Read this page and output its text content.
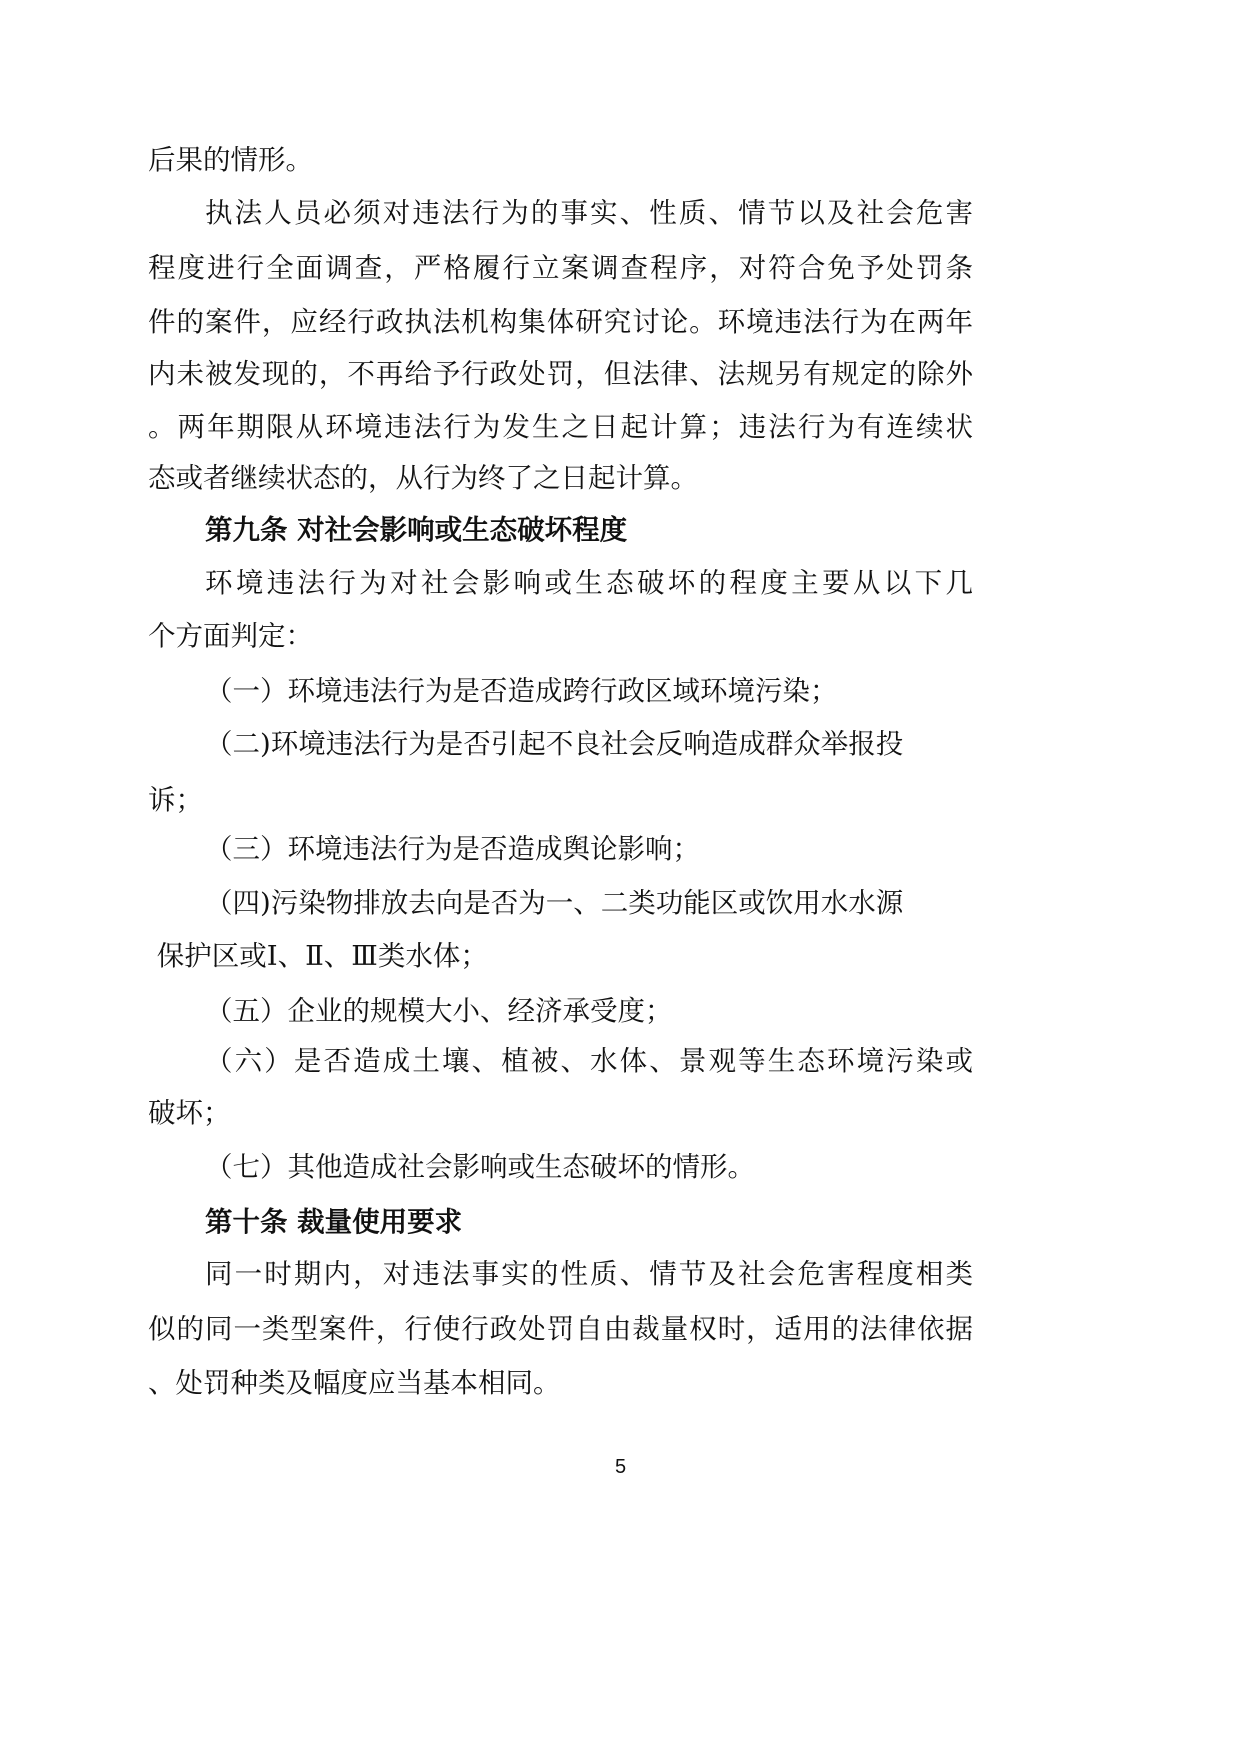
后果的情形。
执法人员必须对违法行为的事实、性质、情节以及社会危害
程度进行全面调查，严格履行立案调查程序，对符合免予处罚条
件的案件，应经行政执法机构集体研究讨论。环境违法行为在两年
内未被发现的，不再给予行政处罚，但法律、法规另有规定的除外
。两年期限从环境违法行为发生之日起计算；违法行为有连续状
态或者继续状态的，从行为终了之日起计算。
第九条 对社会影响或生态破坏程度
环境违法行为对社会影响或生态破坏的程度主要从以下几
个方面判定：
（一）环境违法行为是否造成跨行政区域环境污染；
（二)环境违法行为是否引起不良社会反响造成群众举报投
诉；
（三）环境违法行为是否造成舆论影响；
（四)污染物排放去向是否为一、二类功能区或饮用水水源
保护区或Ⅰ、Ⅱ、Ⅲ类水体；
（五）企业的规模大小、经济承受度；
（六）是否造成土壤、植被、水体、景观等生态环境污染或
破坏；
（七）其他造成社会影响或生态破坏的情形。
第十条 裁量使用要求
同一时期内，对违法事实的性质、情节及社会危害程度相类
似的同一类型案件，行使行政处罚自由裁量权时，适用的法律依据
、处罚种类及幅度应当基本相同。
5
